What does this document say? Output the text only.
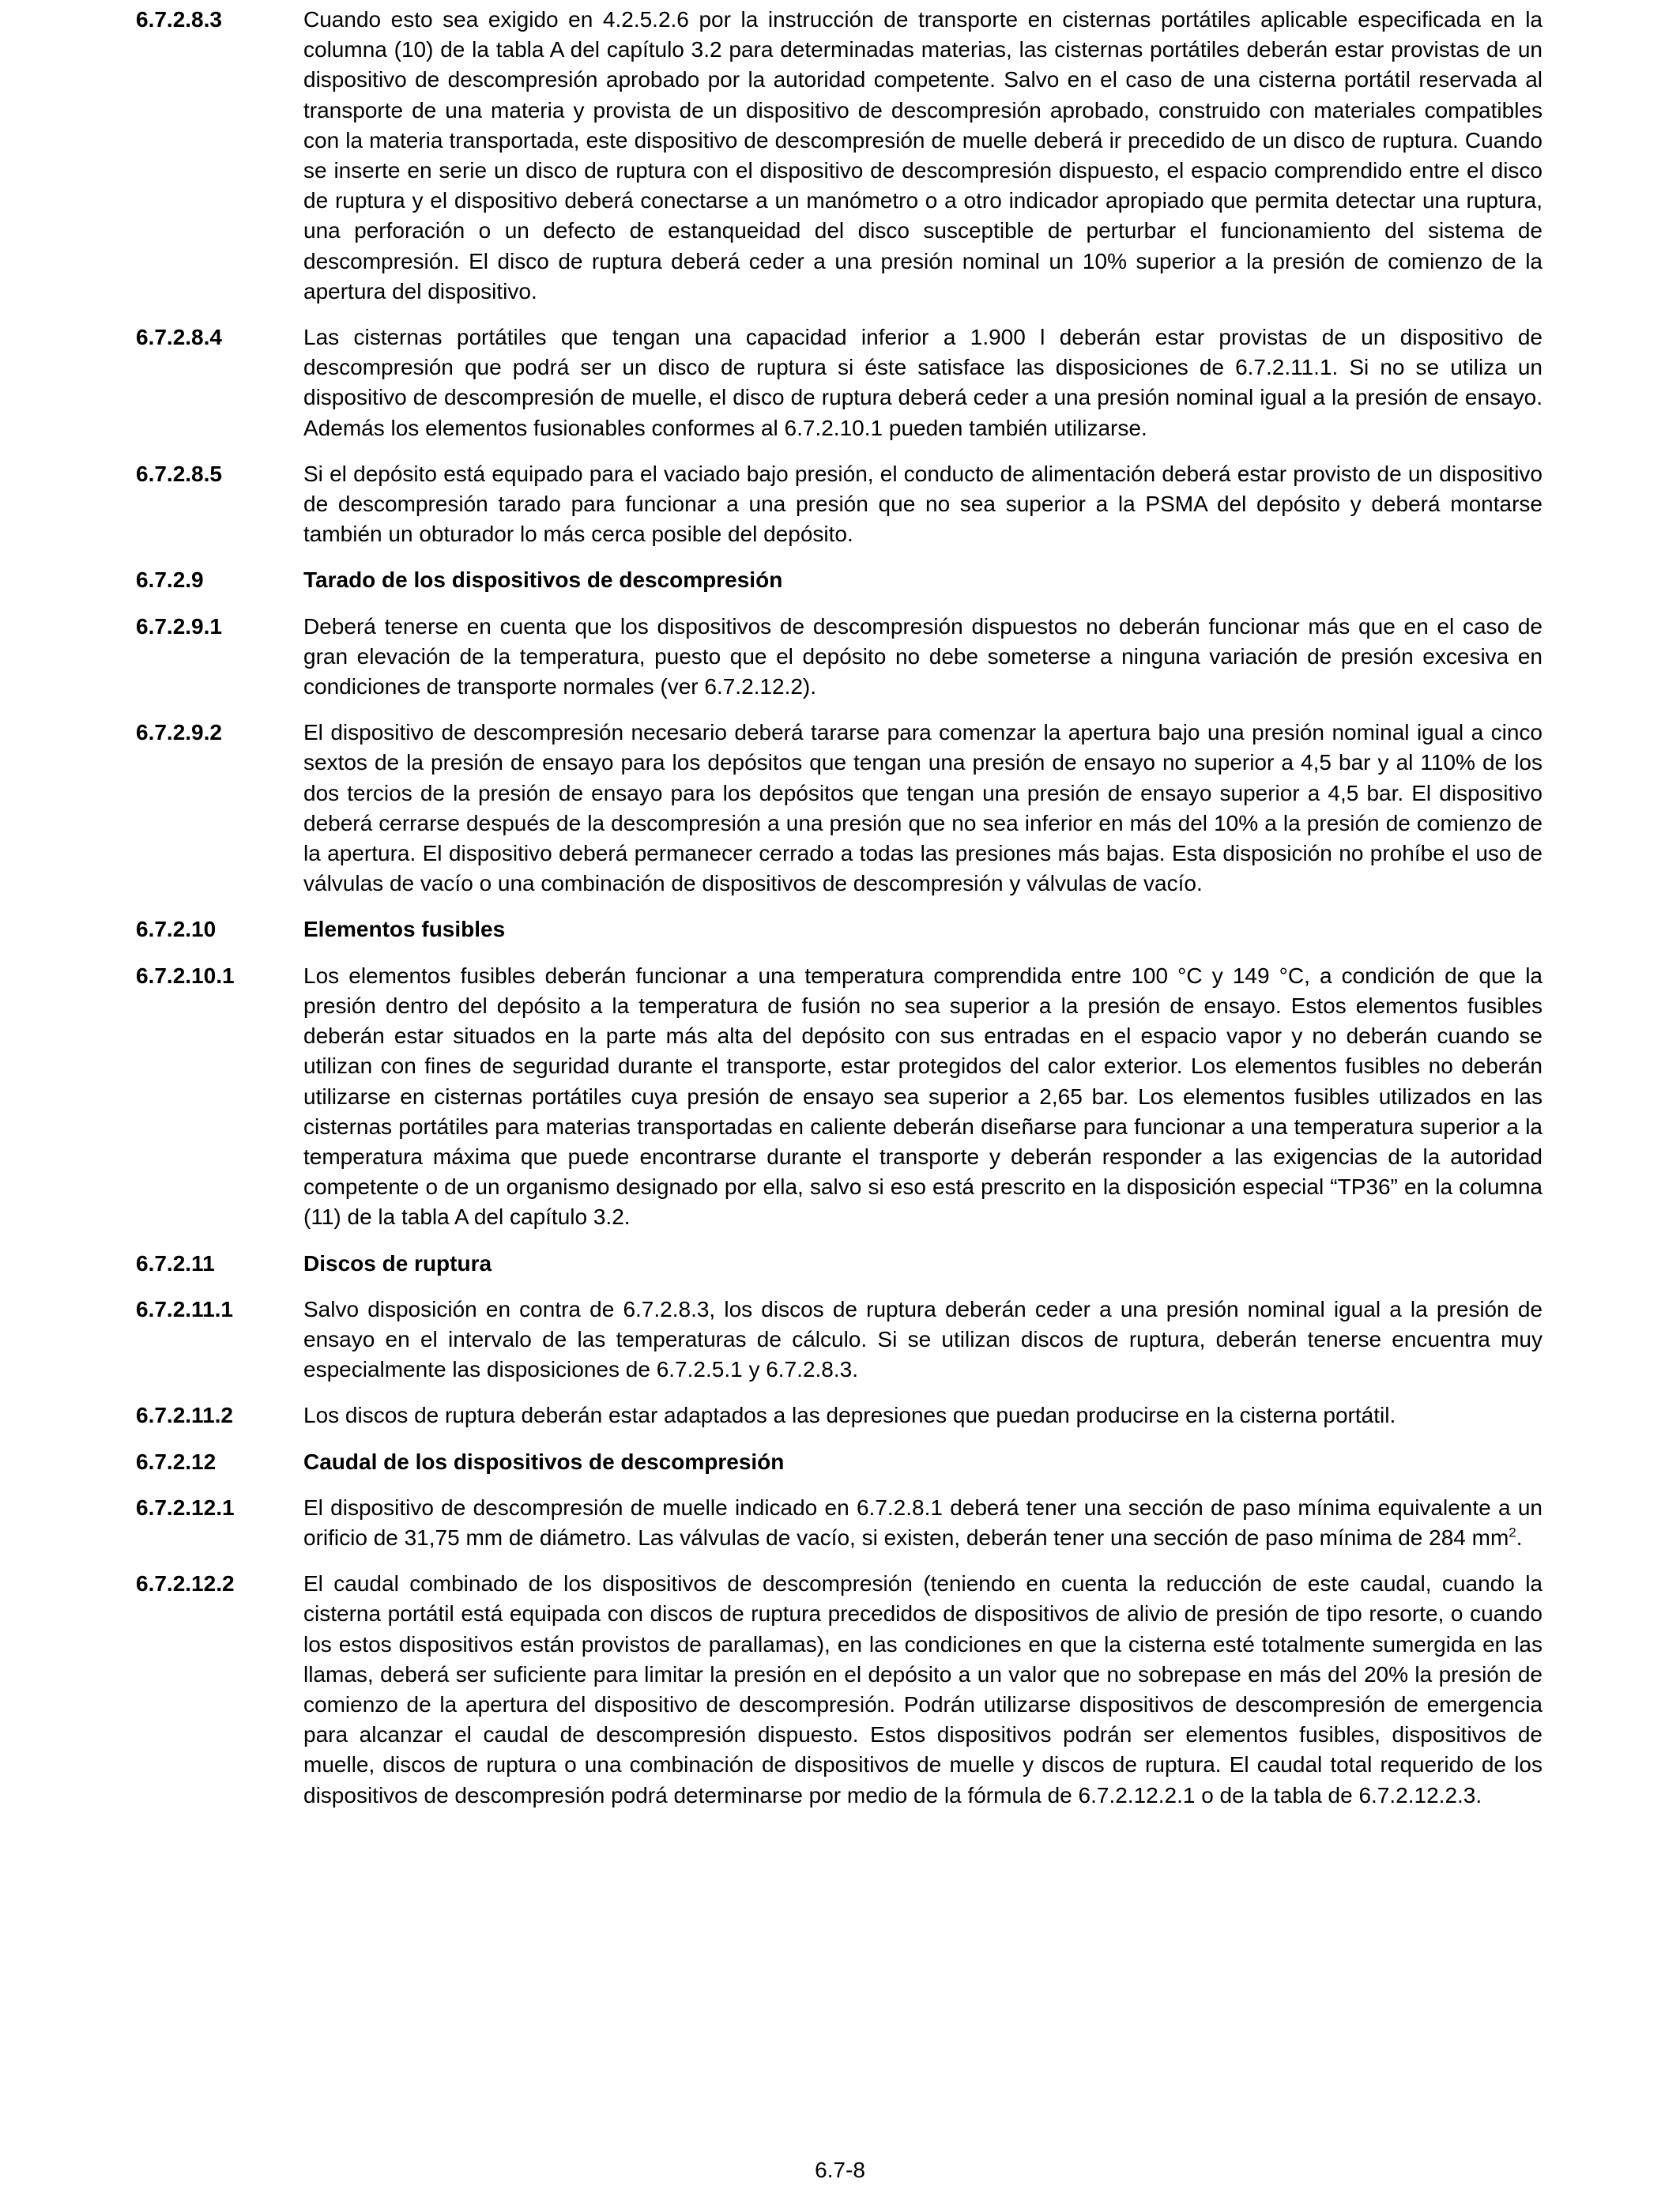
6.7.2.8.3	Cuando esto sea exigido en 4.2.5.2.6 por la instrucción de transporte en cisternas portátiles aplicable especificada en la columna (10) de la tabla A del capítulo 3.2 para determinadas materias, las cisternas portátiles deberán estar provistas de un dispositivo de descompresión aprobado por la autoridad competente. Salvo en el caso de una cisterna portátil reservada al transporte de una materia y provista de un dispositivo de descompresión aprobado, construido con materiales compatibles con la materia transportada, este dispositivo de descompresión de muelle deberá ir precedido de un disco de ruptura. Cuando se inserte en serie un disco de ruptura con el dispositivo de descompresión dispuesto, el espacio comprendido entre el disco de ruptura y el dispositivo deberá conectarse a un manómetro o a otro indicador apropiado que permita detectar una ruptura, una perforación o un defecto de estanqueidad del disco susceptible de perturbar el funcionamiento del sistema de descompresión. El disco de ruptura deberá ceder a una presión nominal un 10% superior a la presión de comienzo de la apertura del dispositivo.
6.7.2.8.4	Las cisternas portátiles que tengan una capacidad inferior a 1.900 l deberán estar provistas de un dispositivo de descompresión que podrá ser un disco de ruptura si éste satisface las disposiciones de 6.7.2.11.1. Si no se utiliza un dispositivo de descompresión de muelle, el disco de ruptura deberá ceder a una presión nominal igual a la presión de ensayo. Además los elementos fusionables conformes al 6.7.2.10.1 pueden también utilizarse.
6.7.2.8.5	Si el depósito está equipado para el vaciado bajo presión, el conducto de alimentación deberá estar provisto de un dispositivo de descompresión tarado para funcionar a una presión que no sea superior a la PSMA del depósito y deberá montarse también un obturador lo más cerca posible del depósito.
6.7.2.9	Tarado de los dispositivos de descompresión
6.7.2.9.1	Deberá tenerse en cuenta que los dispositivos de descompresión dispuestos no deberán funcionar más que en el caso de gran elevación de la temperatura, puesto que el depósito no debe someterse a ninguna variación de presión excesiva en condiciones de transporte normales (ver 6.7.2.12.2).
6.7.2.9.2	El dispositivo de descompresión necesario deberá tararse para comenzar la apertura bajo una presión nominal igual a cinco sextos de la presión de ensayo para los depósitos que tengan una presión de ensayo no superior a 4,5 bar y al 110% de los dos tercios de la presión de ensayo para los depósitos que tengan una presión de ensayo superior a 4,5 bar. El dispositivo deberá cerrarse después de la descompresión a una presión que no sea inferior en más del 10% a la presión de comienzo de la apertura. El dispositivo deberá permanecer cerrado a todas las presiones más bajas. Esta disposición no prohíbe el uso de válvulas de vacío o una combinación de dispositivos de descompresión y válvulas de vacío.
6.7.2.10	Elementos fusibles
6.7.2.10.1	Los elementos fusibles deberán funcionar a una temperatura comprendida entre 100 °C y 149 °C, a condición de que la presión dentro del depósito a la temperatura de fusión no sea superior a la presión de ensayo. Estos elementos fusibles deberán estar situados en la parte más alta del depósito con sus entradas en el espacio vapor y no deberán cuando se utilizan con fines de seguridad durante el transporte, estar protegidos del calor exterior. Los elementos fusibles no deberán utilizarse en cisternas portátiles cuya presión de ensayo sea superior a 2,65 bar. Los elementos fusibles utilizados en las cisternas portátiles para materias transportadas en caliente deberán diseñarse para funcionar a una temperatura superior a la temperatura máxima que puede encontrarse durante el transporte y deberán responder a las exigencias de la autoridad competente o de un organismo designado por ella, salvo si eso está prescrito en la disposición especial “TP36” en la columna (11) de la tabla A del capítulo 3.2.
6.7.2.11	Discos de ruptura
6.7.2.11.1	Salvo disposición en contra de 6.7.2.8.3, los discos de ruptura deberán ceder a una presión nominal igual a la presión de ensayo en el intervalo de las temperaturas de cálculo. Si se utilizan discos de ruptura, deberán tenerse encuentra muy especialmente las disposiciones de 6.7.2.5.1 y 6.7.2.8.3.
6.7.2.11.2	Los discos de ruptura deberán estar adaptados a las depresiones que puedan producirse en la cisterna portátil.
6.7.2.12	Caudal de los dispositivos de descompresión
6.7.2.12.1	El dispositivo de descompresión de muelle indicado en 6.7.2.8.1 deberá tener una sección de paso mínima equivalente a un orificio de 31,75 mm de diámetro. Las válvulas de vacío, si existen, deberán tener una sección de paso mínima de 284 $mm^2$.
6.7.2.12.2	El caudal combinado de los dispositivos de descompresión (teniendo en cuenta la reducción de este caudal, cuando la cisterna portátil está equipada con discos de ruptura precedidos de dispositivos de alivio de presión de tipo resorte, o cuando los estos dispositivos están provistos de parallamas), en las condiciones en que la cisterna esté totalmente sumergida en las llamas, deberá ser suficiente para limitar la presión en el depósito a un valor que no sobrepase en más del 20% la presión de comienzo de la apertura del dispositivo de descompresión. Podrán utilizarse dispositivos de descompresión de emergencia para alcanzar el caudal de descompresión dispuesto. Estos dispositivos podrán ser elementos fusibles, dispositivos de muelle, discos de ruptura o una combinación de dispositivos de muelle y discos de ruptura. El caudal total requerido de los dispositivos de descompresión podrá determinarse por medio de la fórmula de 6.7.2.12.2.1 o de la tabla de 6.7.2.12.2.3.
6.7-8
